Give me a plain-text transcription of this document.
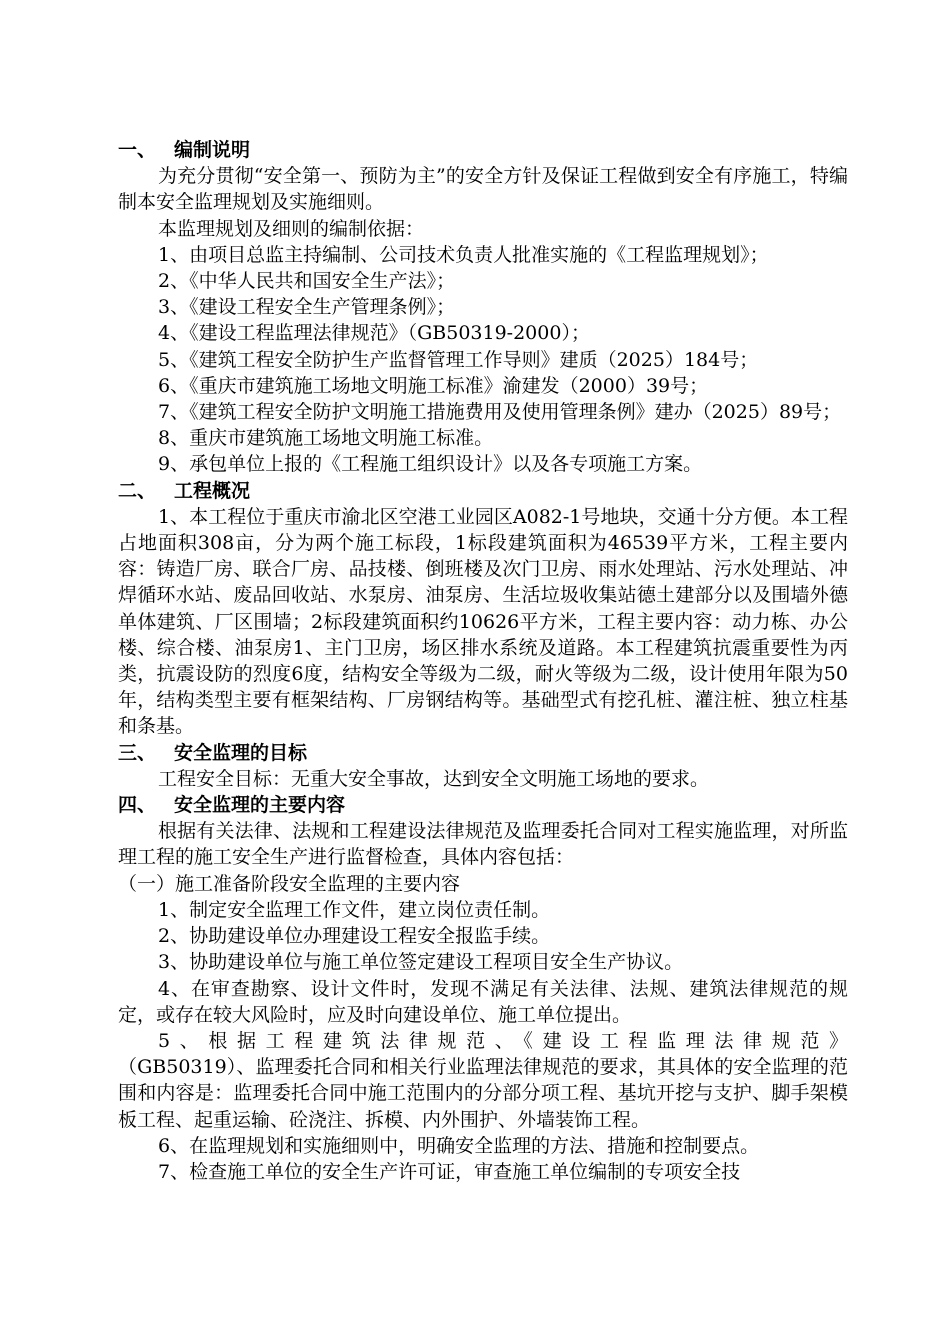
一、 编制说明

为充分贯彻“安全第一、预防为主”的安全方针及保证工程做到安全有序施工，特编制本安全监理规划及实施细则。

本监理规划及细则的编制依据：

1、由项目总监主持编制、公司技术负责人批准实施的《工程监理规划》；

2、《中华人民共和国安全生产法》；

3、《建设工程安全生产管理条例》；

4、《建设工程监理法律规范》（GB50319-2000）；

5、《建筑工程安全防护生产监督管理工作导则》建质（2025）184号；

6、《重庆市建筑施工场地文明施工标准》渝建发（2000）39号；

7、《建筑工程安全防护文明施工措施费用及使用管理条例》建办（2025）89号；

8、重庆市建筑施工场地文明施工标准。

9、承包单位上报的《工程施工组织设计》以及各专项施工方案。

二、 工程概况

1、本工程位于重庆市渝北区空港工业园区A082-1号地块，交通十分方便。本工程占地面积308亩，分为两个施工标段，1标段建筑面积为46539平方米，工程主要内容：铸造厂房、联合厂房、品技楼、倒班楼及次门卫房、雨水处理站、污水处理站、冲焊循环水站、废品回收站、水泵房、油泵房、生活垃圾收集站德土建部分以及围墙外德单体建筑、厂区围墙；2标段建筑面积约10626平方米，工程主要内容：动力栋、办公楼、综合楼、油泵房1、主门卫房，场区排水系统及道路。本工程建筑抗震重要性为丙类，抗震设防的烈度6度，结构安全等级为二级，耐火等级为二级，设计使用年限为50年，结构类型主要有框架结构、厂房钢结构等。基础型式有挖孔桩、灌注桩、独立柱基和条基。

三、 安全监理的目标

工程安全目标：无重大安全事故，达到安全文明施工场地的要求。

四、 安全监理的主要内容

根据有关法律、法规和工程建设法律规范及监理委托合同对工程实施监理，对所监理工程的施工安全生产进行监督检查，具体内容包括：

（一）施工准备阶段安全监理的主要内容

1、制定安全监理工作文件，建立岗位责任制。

2、协助建设单位办理建设工程安全报监手续。

3、协助建设单位与施工单位签定建设工程项目安全生产协议。

4、在审查勘察、设计文件时，发现不满足有关法律、法规、建筑法律规范的规定，或存在较大风险时，应及时向建设单位、施工单位提出。

5、根据工程建筑法律规范、《建设工程监理法律规范》

（GB50319）、监理委托合同和相关行业监理法律规范的要求，其具体的安全监理的范围和内容是：监理委托合同中施工范围内的分部分项工程、基坑开挖与支护、脚手架模板工程、起重运输、砼浇注、拆模、内外围护、外墙装饰工程。

6、在监理规划和实施细则中，明确安全监理的方法、措施和控制要点。

7、检查施工单位的安全生产许可证，审查施工单位编制的专项安全技
